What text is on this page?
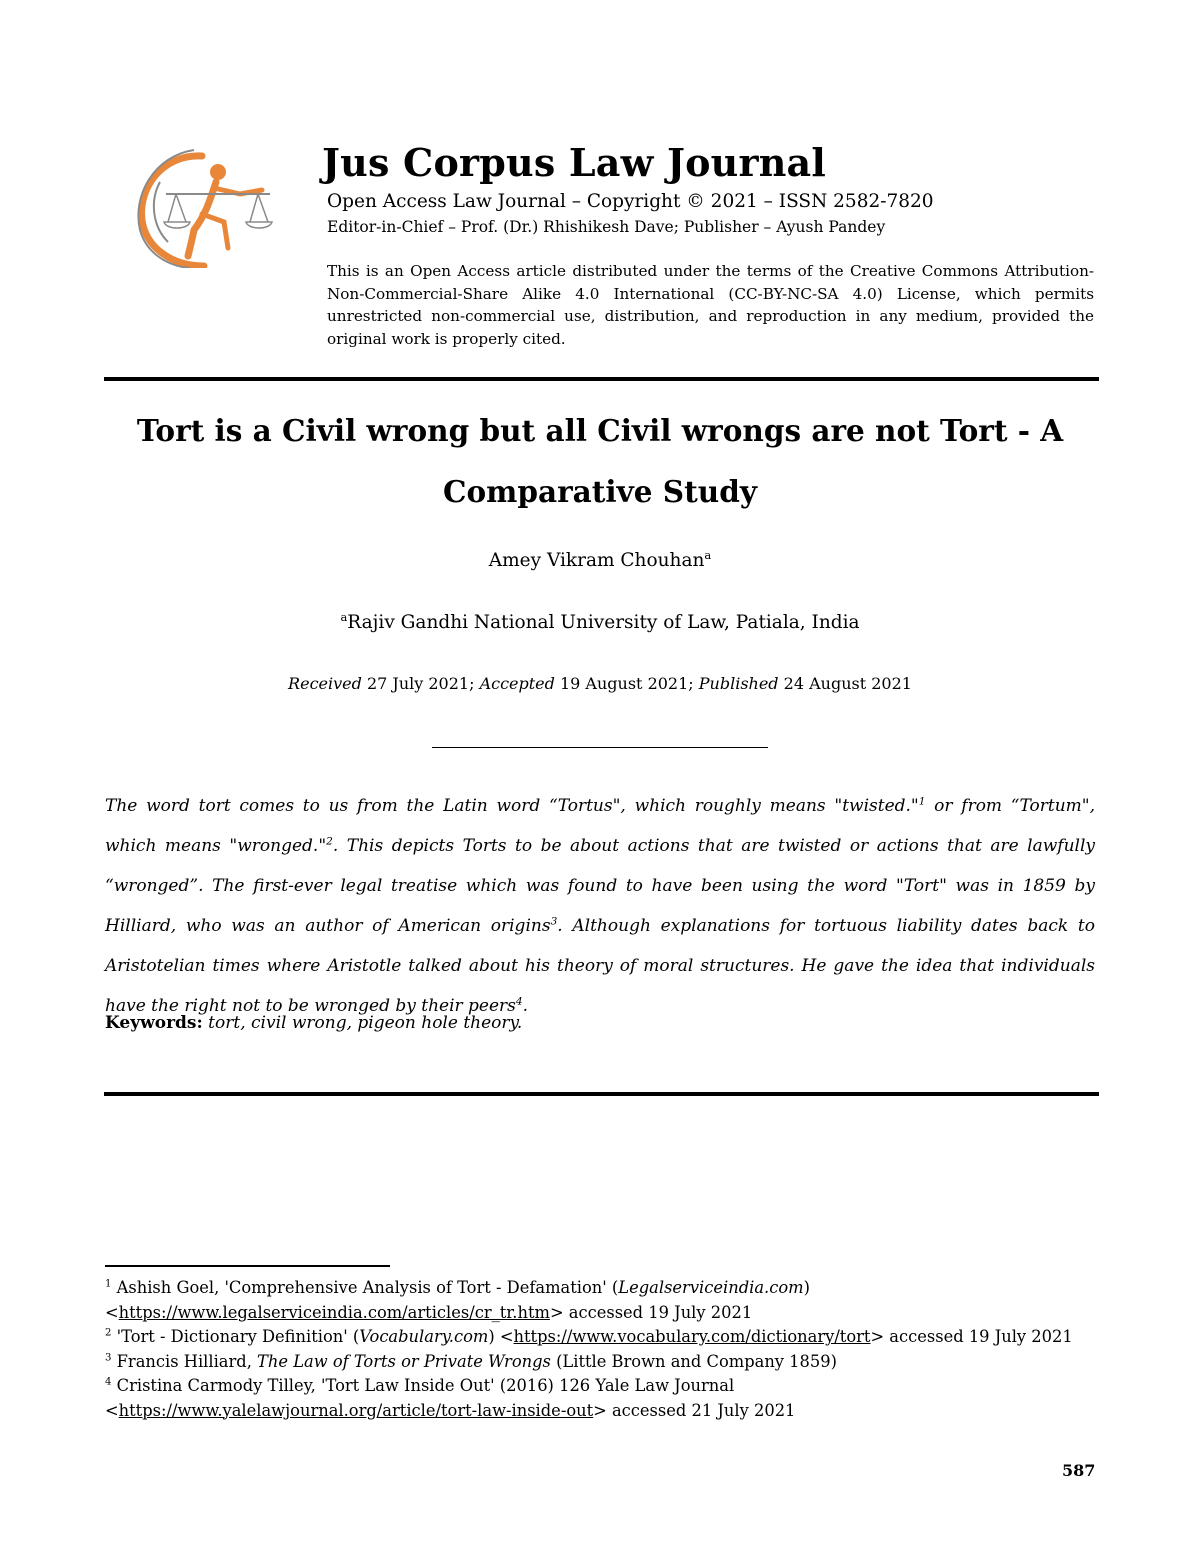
Jus Corpus Law Journal
Open Access Law Journal – Copyright © 2021 – ISSN 2582-7820
Editor-in-Chief – Prof. (Dr.) Rhishikesh Dave; Publisher – Ayush Pandey
This is an Open Access article distributed under the terms of the Creative Commons Attribution-Non-Commercial-Share Alike 4.0 International (CC-BY-NC-SA 4.0) License, which permits unrestricted non-commercial use, distribution, and reproduction in any medium, provided the original work is properly cited.
Tort is a Civil wrong but all Civil wrongs are not Tort - A
Comparative Study
Amey Vikram Chouhan$^a$
$^a$Rajiv Gandhi National University of Law, Patiala, India
Received 27 July 2021; Accepted 19 August 2021; Published 24 August 2021
The word tort comes to us from the Latin word “Tortus", which roughly means "twisted."$^1$ or from “Tortum", which means "wronged."$^2$. This depicts Torts to be about actions that are twisted or actions that are lawfully “wronged”. The first-ever legal treatise which was found to have been using the word "Tort" was in 1859 by Hilliard, who was an author of American origins$^3$. Although explanations for tortuous liability dates back to Aristotelian times where Aristotle talked about his theory of moral structures. He gave the idea that individuals have the right not to be wronged by their peers$^4$.
Keywords: tort, civil wrong, pigeon hole theory.
$^1$ Ashish Goel, 'Comprehensive Analysis of Tort - Defamation' (Legalserviceindia.com) <https://www.legalserviceindia.com/articles/cr_tr.htm> accessed 19 July 2021
$^2$ 'Tort - Dictionary Definition' (Vocabulary.com) <https://www.vocabulary.com/dictionary/tort> accessed 19 July 2021
$^3$ Francis Hilliard, The Law of Torts or Private Wrongs (Little Brown and Company 1859)
$^4$ Cristina Carmody Tilley, 'Tort Law Inside Out' (2016) 126 Yale Law Journal <https://www.yalelawjournal.org/article/tort-law-inside-out> accessed 21 July 2021
587
